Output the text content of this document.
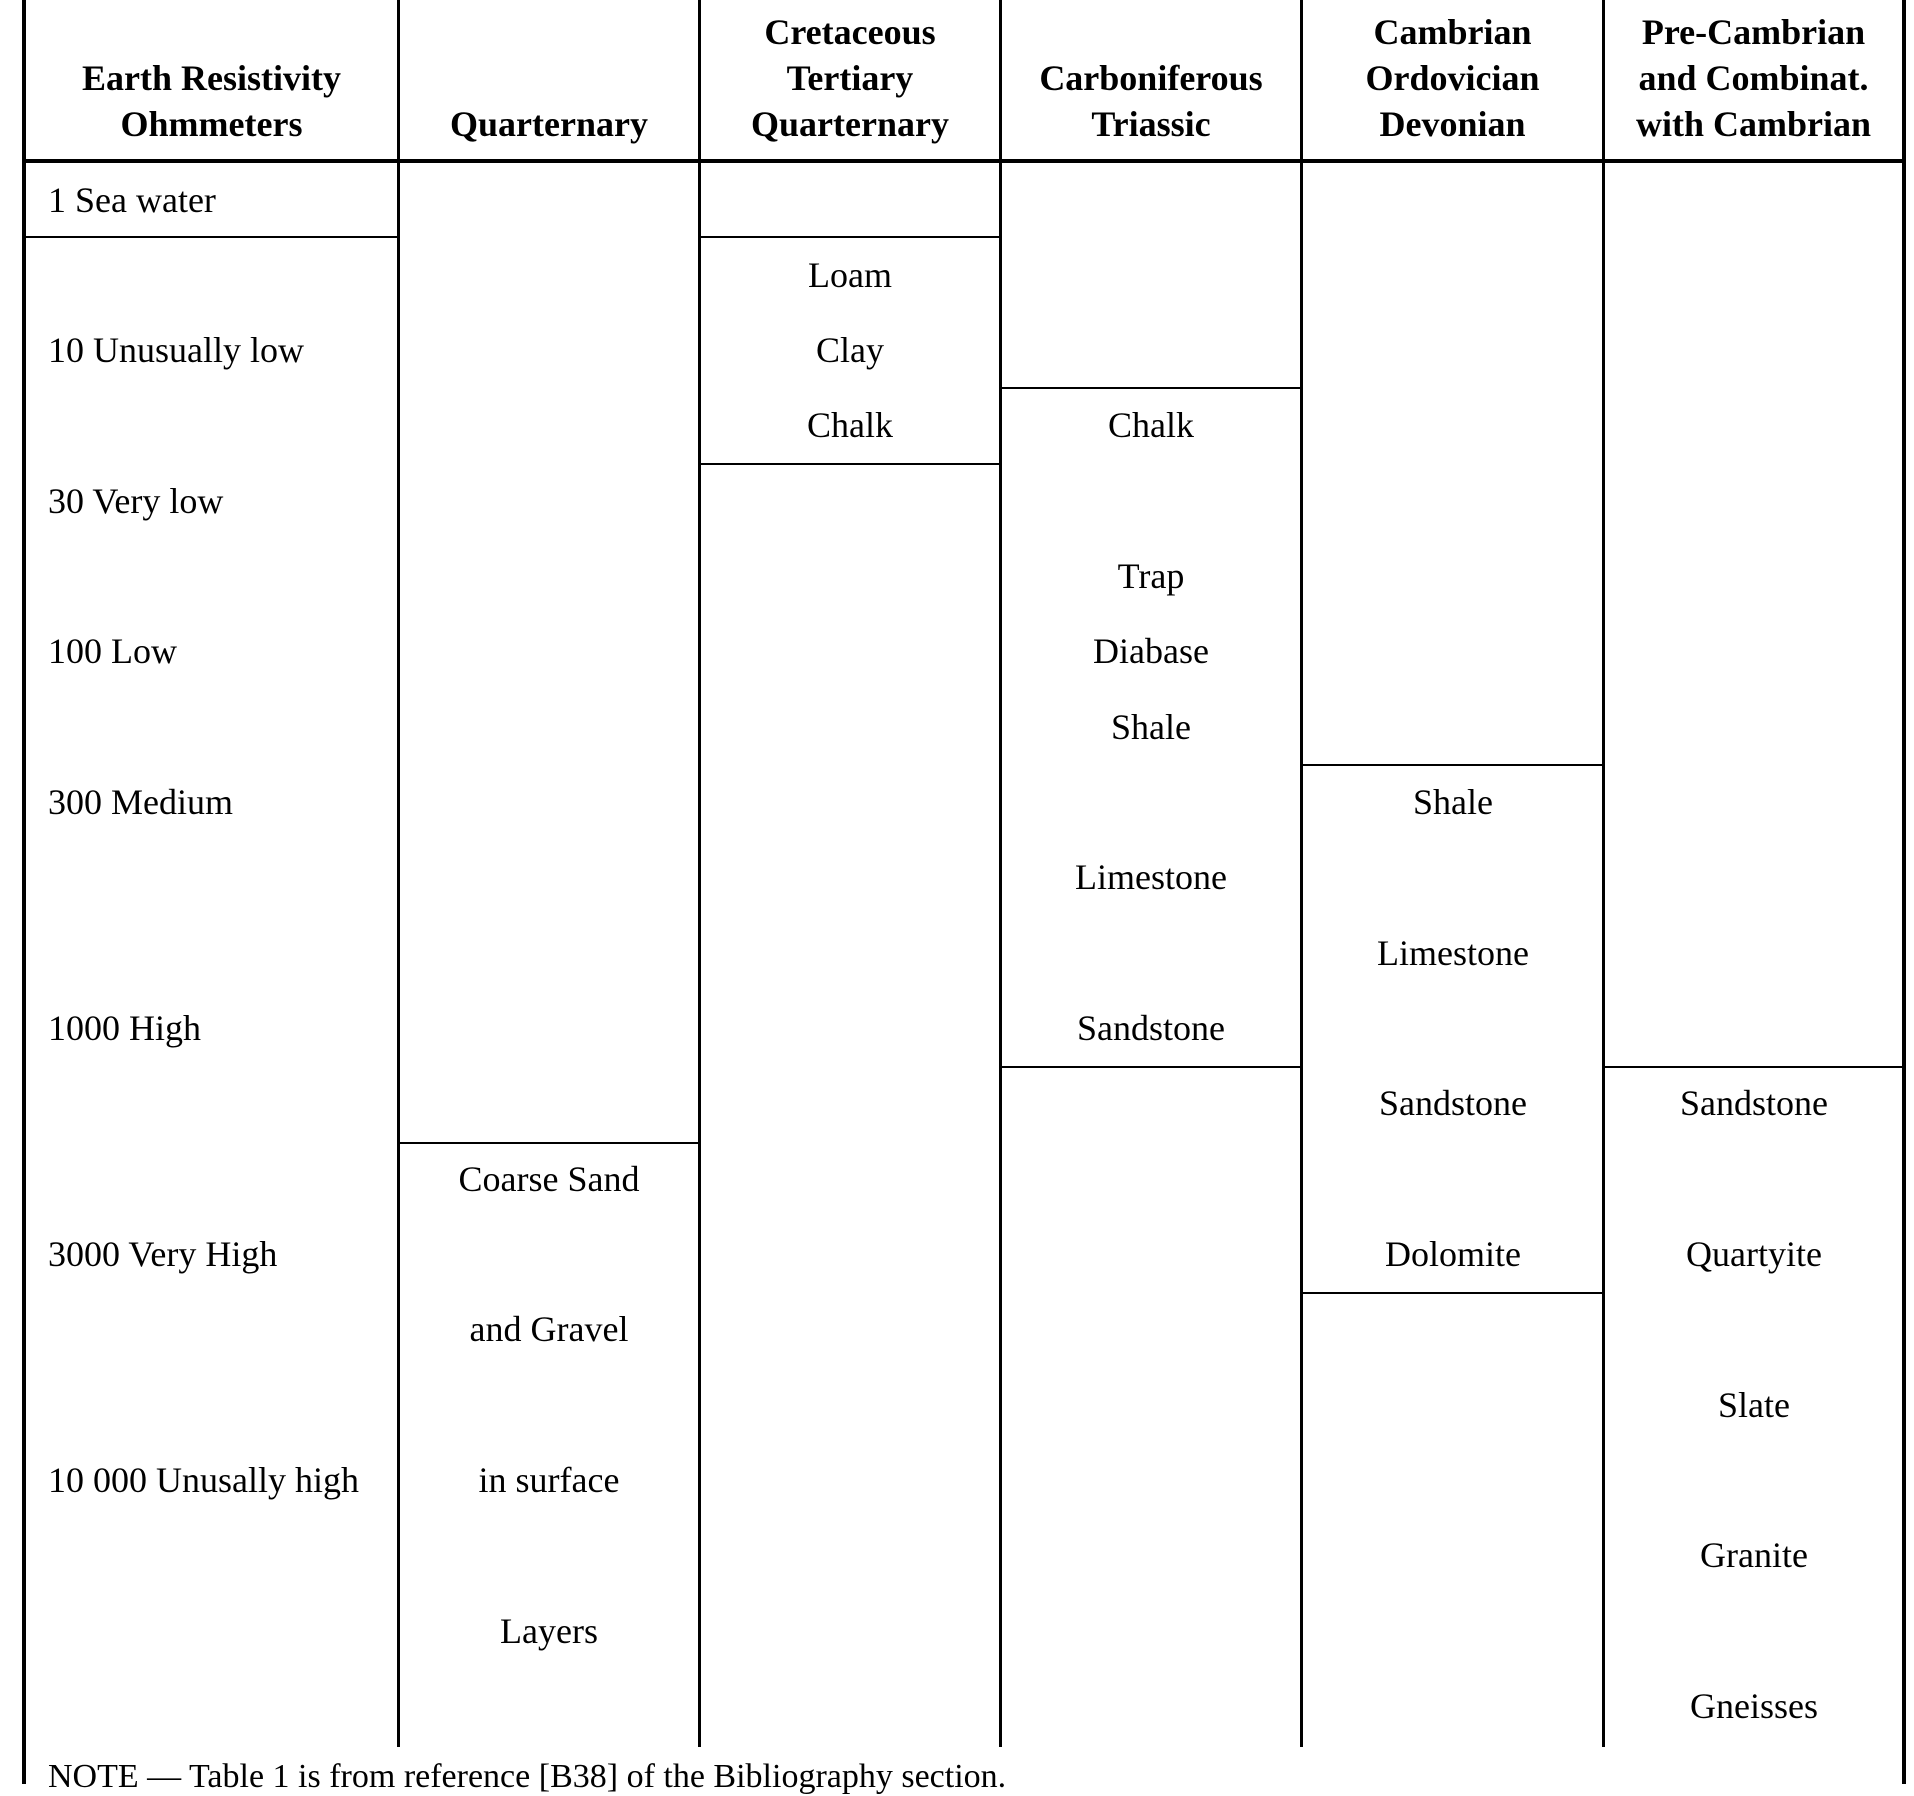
Earth Resistivity
Ohmmeters	Quarternary
Cretaceous
Tertiary
Quarternary
Carboniferous
Triassic
Cambrian
Ordovician
Devonian
Pre-Cambrian
and Combinat.
with Cambrian
1 Sea water
10 Unusually low
30 Very low
100 Low
300 Medium
1000 High
3000 Very High
10 000 Unusally high
Coarse Sand
and Gravel
in surface
Layers
Loam
Clay
Chalk	Chalk
Trap
Diabase
Shale
Limestone
Sandstone
Shale
Limestone
Sandstone
Dolomite
Sandstone
Quartyite
Slate
Granite
Gneisses
NOTE — Table 1 is from reference [B38] of the Bibliography section.
